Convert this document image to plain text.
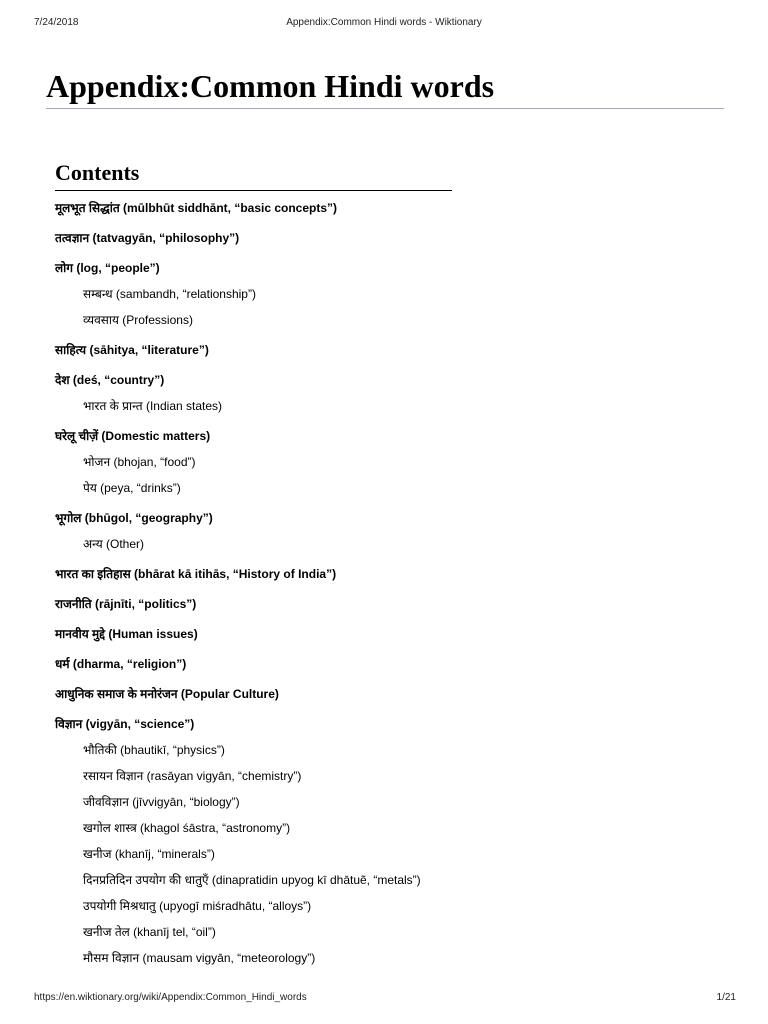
7/24/2018	Appendix:Common Hindi words - Wiktionary
Appendix:Common Hindi words
Contents
मूलभूत सिद्धांत (mūlbhūt siddhānt, “basic concepts”)
तत्वज्ञान (tatvagyān, “philosophy”)
लोग (log, “people”)
सम्बन्ध (sambandh, “relationship”)
व्यवसाय (Professions)
साहित्य (sāhitya, “literature”)
देश (deś, “country”)
भारत के प्रान्त (Indian states)
घरेलू चीज़ें (Domestic matters)
भोजन (bhojan, “food”)
पेय (peya, “drinks”)
भूगोल (bhūgol, “geography”)
अन्य (Other)
भारत का इतिहास (bhārat kā itihās, “History of India”)
राजनीति (rājnīti, “politics”)
मानवीय मुद्दे (Human issues)
धर्म (dharma, “religion”)
आधुनिक समाज के मनोरंजन (Popular Culture)
विज्ञान (vigyān, “science”)
भौतिकी (bhautikī, “physics”)
रसायन विज्ञान (rasāyan vigyān, “chemistry”)
जीवविज्ञान (jīvvigyān, “biology”)
खगोल शास्त्र (khagol śāstra, “astronomy”)
खनीज (khanīj, “minerals”)
दिनप्रतिदिन उपयोग की धातुएँ (dinapratidin upyog kī dhātuẽ, “metals”)
उपयोगी मिश्रधातु (upyogī miśradhātu, “alloys”)
खनीज तेल (khanīj tel, “oil”)
मौसम विज्ञान (mausam vigyān, “meteorology”)
https://en.wiktionary.org/wiki/Appendix:Common_Hindi_words	1/21
